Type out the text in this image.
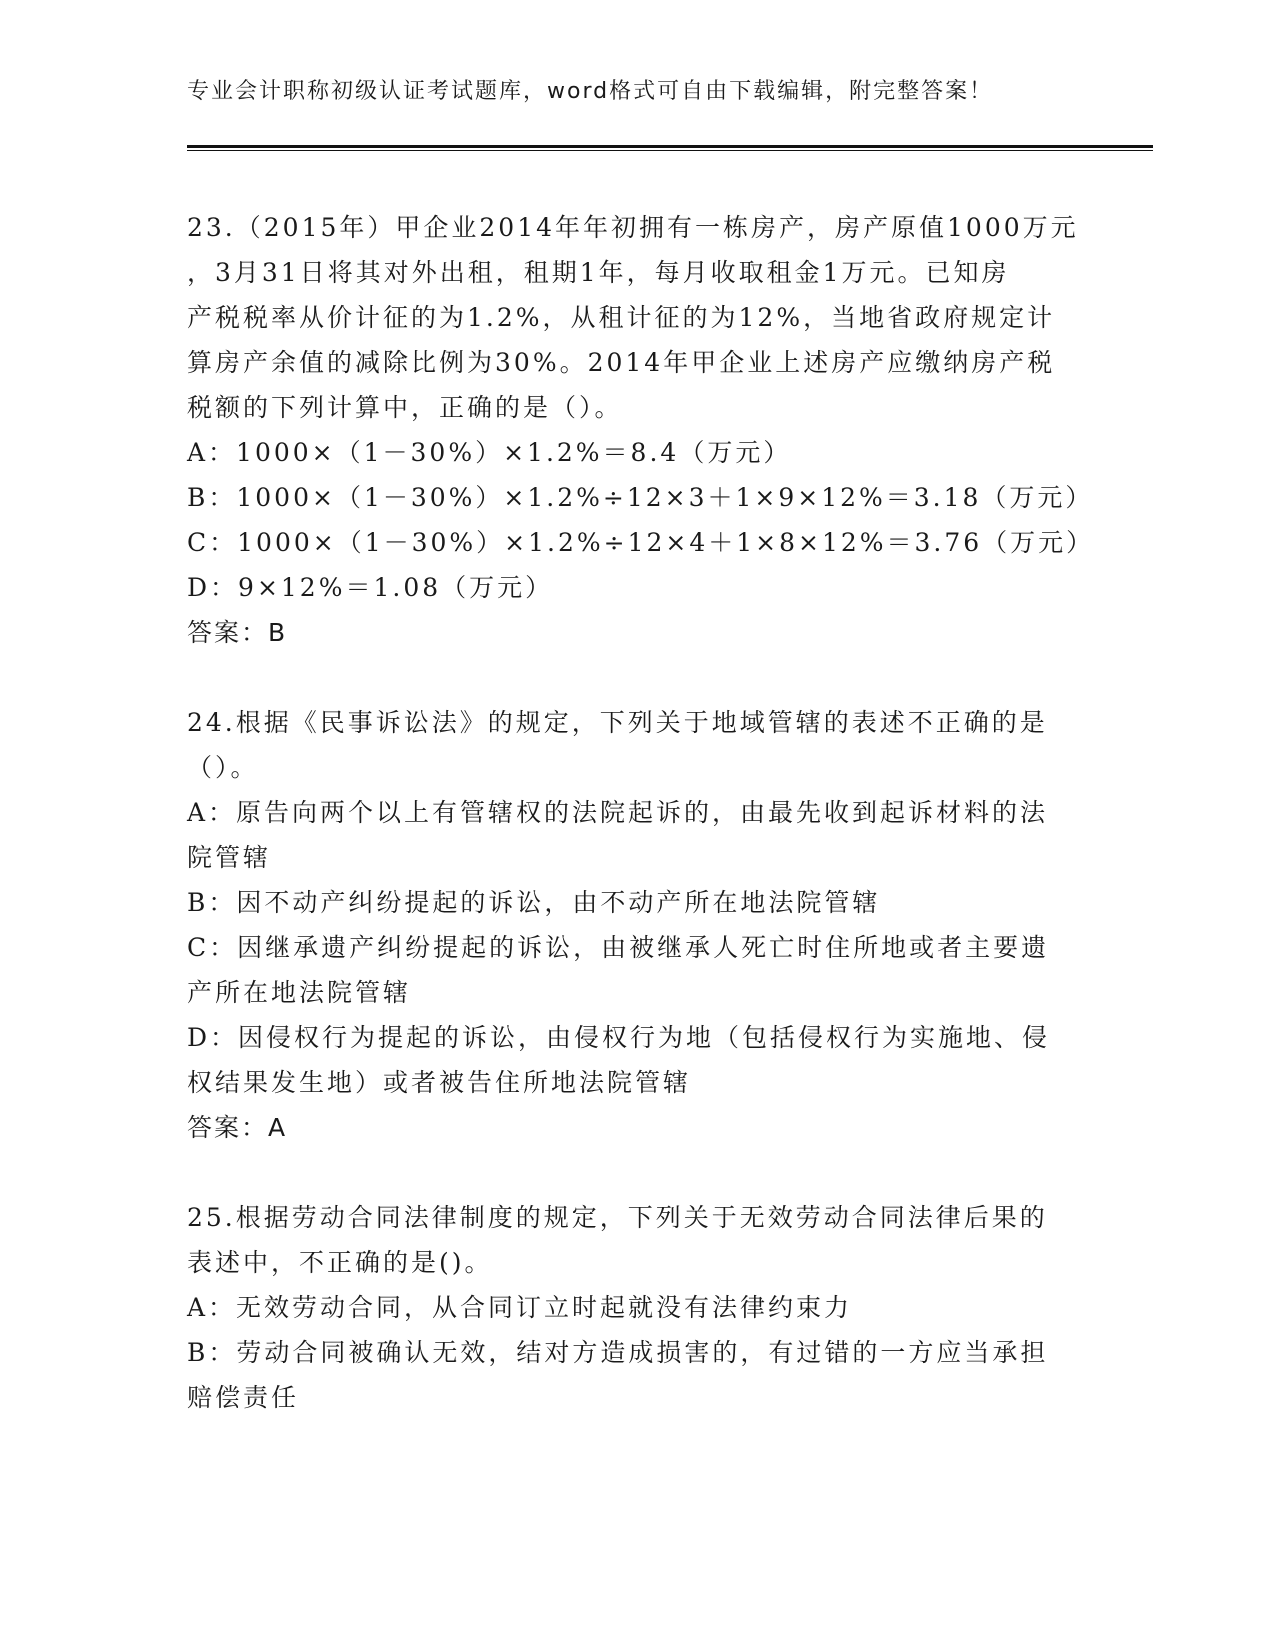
专业会计职称初级认证考试题库，word格式可自由下载编辑，附完整答案！
23.（2015年）甲企业2014年年初拥有一栋房产，房产原值1000万元
，3月31日将其对外出租，租期1年，每月收取租金1万元。已知房
产税税率从价计征的为1.2%，从租计征的为12%，当地省政府规定计
算房产余值的减除比例为30%。2014年甲企业上述房产应缴纳房产税
税额的下列计算中，正确的是（）。
A：1000×（1－30%）×1.2%＝8.4（万元）
B：1000×（1－30%）×1.2%÷12×3＋1×9×12%＝3.18（万元）
C：1000×（1－30%）×1.2%÷12×4＋1×8×12%＝3.76（万元）
D：9×12%＝1.08（万元）
答案：B
24.根据《民事诉讼法》的规定，下列关于地域管辖的表述不正确的是
（）。
A：原告向两个以上有管辖权的法院起诉的，由最先收到起诉材料的法
院管辖
B：因不动产纠纷提起的诉讼，由不动产所在地法院管辖
C：因继承遗产纠纷提起的诉讼，由被继承人死亡时住所地或者主要遗
产所在地法院管辖
D：因侵权行为提起的诉讼，由侵权行为地（包括侵权行为实施地、侵
权结果发生地）或者被告住所地法院管辖
答案：A
25.根据劳动合同法律制度的规定，下列关于无效劳动合同法律后果的
表述中，不正确的是()。
A：无效劳动合同，从合同订立时起就没有法律约束力
B：劳动合同被确认无效，结对方造成损害的，有过错的一方应当承担
赔偿责任
